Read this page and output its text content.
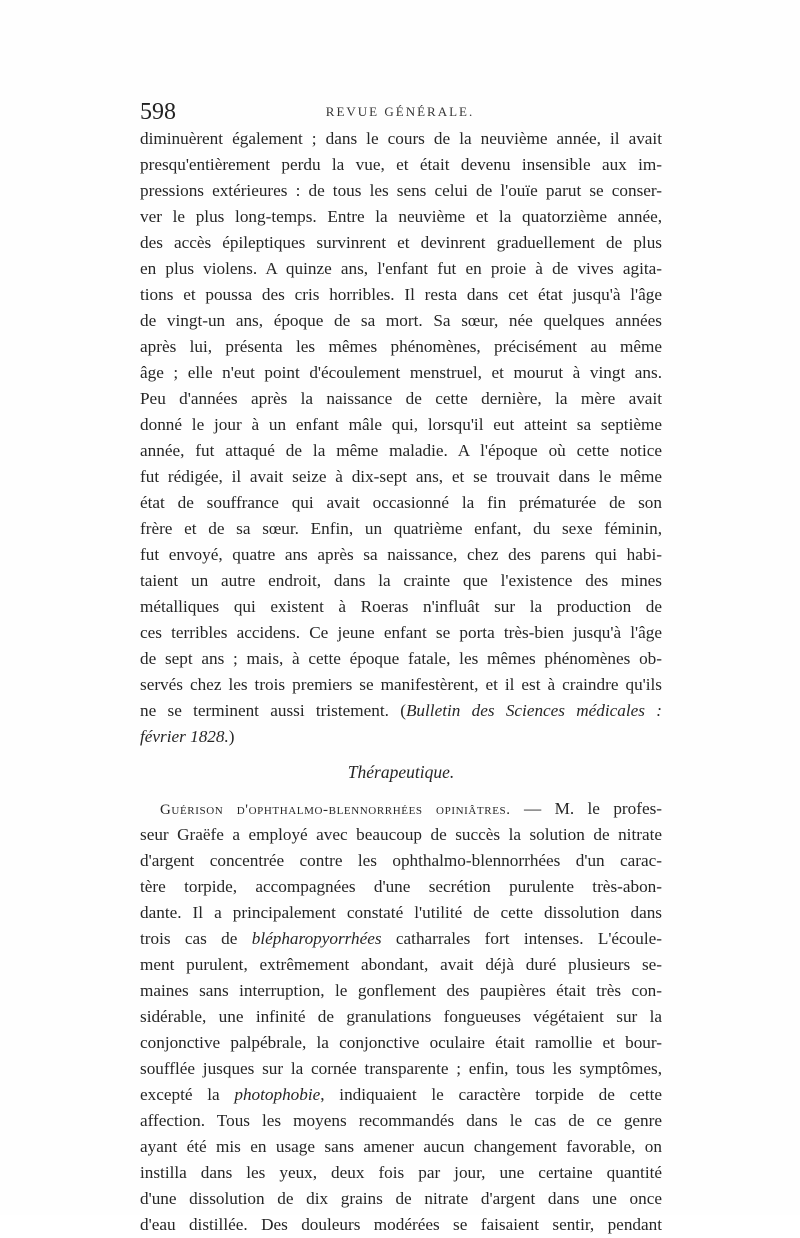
598	REVUE GÉNÉRALE.
diminuèrent également ; dans le cours de la neuvième année, il avait
presqu'entièrement perdu la vue, et était devenu insensible aux im-
pressions extérieures : de tous les sens celui de l'ouïe parut se conser-
ver le plus long-temps. Entre la neuvième et la quatorzième année,
des accès épileptiques survinrent et devinrent graduellement de plus
en plus violens. A quinze ans, l'enfant fut en proie à de vives agita-
tions et poussa des cris horribles. Il resta dans cet état jusqu'à l'âge
de vingt-un ans, époque de sa mort. Sa sœur, née quelques années
après lui, présenta les mêmes phénomènes, précisément au même
âge ; elle n'eut point d'écoulement menstruel, et mourut à vingt ans.
Peu d'années après la naissance de cette dernière, la mère avait
donné le jour à un enfant mâle qui, lorsqu'il eut atteint sa septième
année, fut attaqué de la même maladie. A l'époque où cette notice
fut rédigée, il avait seize à dix-sept ans, et se trouvait dans le même
état de souffrance qui avait occasionné la fin prématurée de son
frère et de sa sœur. Enfin, un quatrième enfant, du sexe féminin,
fut envoyé, quatre ans après sa naissance, chez des parens qui habi-
taient un autre endroit, dans la crainte que l'existence des mines
métalliques qui existent à Roeras n'influât sur la production de
ces terribles accidens. Ce jeune enfant se porta très-bien jusqu'à l'âge
de sept ans ; mais, à cette époque fatale, les mêmes phénomènes ob-
servés chez les trois premiers se manifestèrent, et il est à craindre qu'ils
ne se terminent aussi tristement. (Bulletin des Sciences médicales :
février 1828.)
Thérapeutique.
Guérison d'ophthalmo-blennorrhées opiniâtres. — M. le profes-
seur Graëfe a employé avec beaucoup de succès la solution de nitrate
d'argent concentrée contre les ophthalmo-blennorrhées d'un carac-
tère torpide, accompagnées d'une secrétion purulente très-abon-
dante. Il a principalement constaté l'utilité de cette dissolution dans
trois cas de blépharopyorrhées catharrales fort intenses. L'écoule-
ment purulent, extrêmement abondant, avait déjà duré plusieurs se-
maines sans interruption, le gonflement des paupières était très con-
sidérable, une infinité de granulations fongueuses végétaient sur la
conjonctive palpébrale, la conjonctive oculaire était ramollie et bour-
soufflée jusques sur la cornée transparente ; enfin, tous les symptômes,
excepté la photophobie, indiquaient le caractère torpide de cette
affection. Tous les moyens recommandés dans le cas de ce genre
ayant été mis en usage sans amener aucun changement favorable, on
instilla dans les yeux, deux fois par jour, une certaine quantité
d'une dissolution de dix grains de nitrate d'argent dans une once
d'eau distillée. Des douleurs modérées se faisaient sentir, pendant
